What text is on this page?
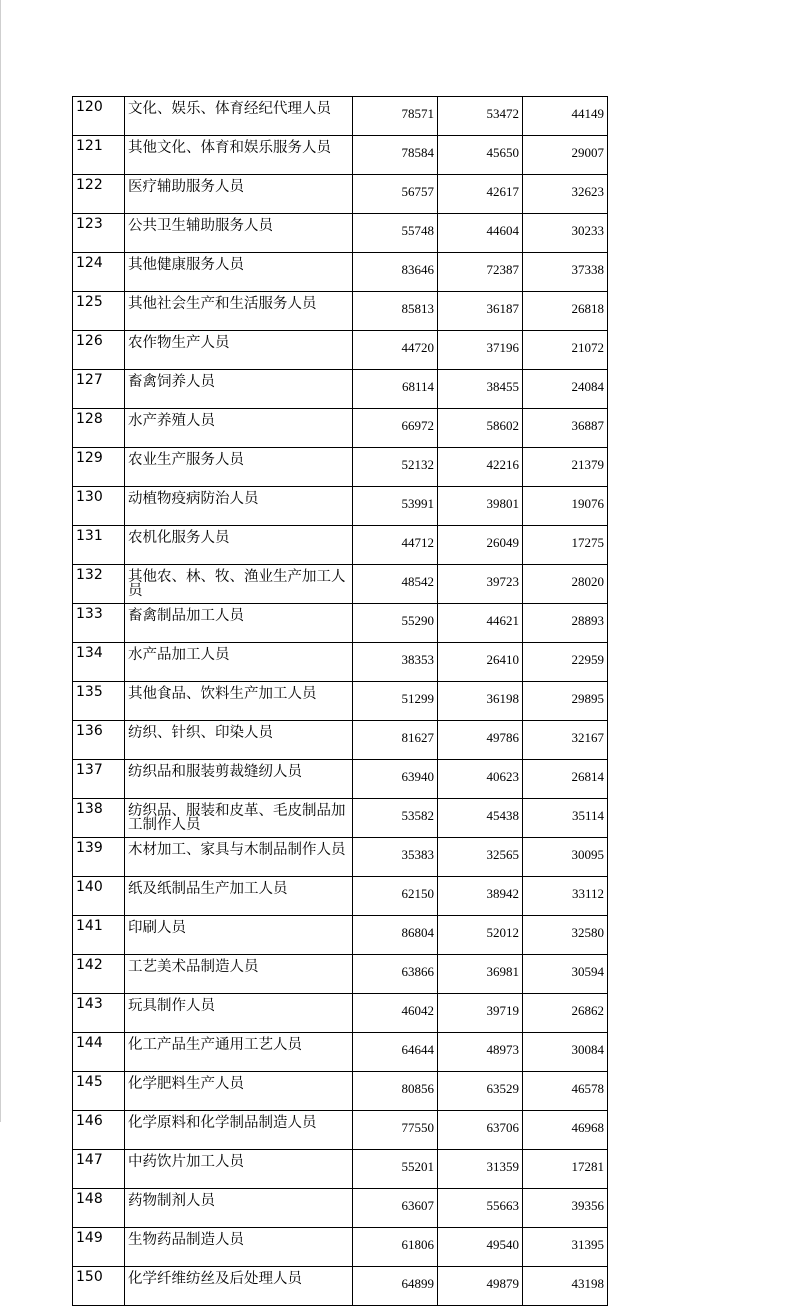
120	文化、娱乐、体育经纪代理人员	78571	53472	44149

121	其他文化、体育和娱乐服务人员	78584	45650	29007

122	医疗辅助服务人员	56757	42617	32623

123	公共卫生辅助服务人员	55748	44604	30233

124	其他健康服务人员	83646	72387	37338

125	其他社会生产和生活服务人员	85813	36187	26818

126	农作物生产人员	44720	37196	21072

127	畜禽饲养人员	68114	38455	24084

128	水产养殖人员	66972	58602	36887

129	农业生产服务人员	52132	42216	21379

130	动植物疫病防治人员	53991	39801	19076

131	农机化服务人员	44712	26049	17275

132	其他农、林、牧、渔业生产加工人员	48542	39723	28020

133	畜禽制品加工人员	55290	44621	28893

134	水产品加工人员	38353	26410	22959

135	其他食品、饮料生产加工人员	51299	36198	29895

136	纺织、针织、印染人员	81627	49786	32167

137	纺织品和服装剪裁缝纫人员	63940	40623	26814

138	纺织品、服装和皮革、毛皮制品加工制作人员	53582	45438	35114

139	木材加工、家具与木制品制作人员	35383	32565	30095

140	纸及纸制品生产加工人员	62150	38942	33112

141	印刷人员	86804	52012	32580

142	工艺美术品制造人员	63866	36981	30594

143	玩具制作人员	46042	39719	26862

144	化工产品生产通用工艺人员	64644	48973	30084

145	化学肥料生产人员	80856	63529	46578

146	化学原料和化学制品制造人员	77550	63706	46968

147	中药饮片加工人员	55201	31359	17281

148	药物制剂人员	63607	55663	39356

149	生物药品制造人员	61806	49540	31395

150	化学纤维纺丝及后处理人员	64899	49879	43198
